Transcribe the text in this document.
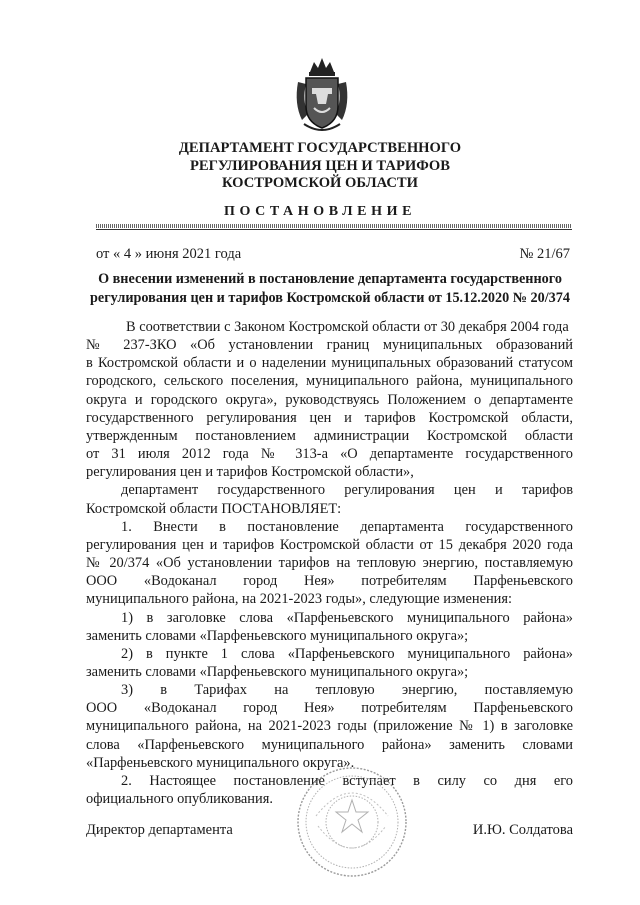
ДЕПАРТАМЕНТ ГОСУДАРСТВЕННОГО
РЕГУЛИРОВАНИЯ ЦЕН И ТАРИФОВ
КОСТРОМСКОЙ ОБЛАСТИ
ПОСТАНОВЛЕНИЕ
от « 4 » июня 2021 года	№ 21/67
О внесении изменений в постановление департамента государственного
регулирования цен и тарифов Костромской области от 15.12.2020 № 20/374
В соответствии с Законом Костромской области от 30 декабря 2004 года
№ 237-ЗКО «Об установлении границ муниципальных образований
в Костромской области и о наделении муниципальных образований статусом
городского, сельского поселения, муниципального района, муниципального
округа и городского округа», руководствуясь Положением о департаменте
государственного регулирования цен и тарифов Костромской области,
утвержденным постановлением администрации Костромской области
от 31 июля 2012 года № 313-а «О департаменте государственного
регулирования цен и тарифов Костромской области»,
департамент государственного регулирования цен и тарифов
Костромской области ПОСТАНОВЛЯЕТ:
1. Внести в постановление департамента государственного
регулирования цен и тарифов Костромской области от 15 декабря 2020 года
№ 20/374 «Об установлении тарифов на тепловую энергию, поставляемую
ООО «Водоканал город Нея» потребителям Парфеньевского
муниципального района, на 2021-2023 годы», следующие изменения:
1) в заголовке слова «Парфеньевского муниципального района»
заменить словами «Парфеньевского муниципального округа»;
2) в пункте 1 слова «Парфеньевского муниципального района»
заменить словами «Парфеньевского муниципального округа»;
3) в Тарифах на тепловую энергию, поставляемую
ООО «Водоканал город Нея» потребителям Парфеньевского
муниципального района, на 2021-2023 годы (приложение № 1) в заголовке
слова «Парфеньевского муниципального района» заменить словами
«Парфеньевского муниципального округа».
2. Настоящее постановление вступает в силу со дня его
официального опубликования.
Директор департамента	И.Ю. Солдатова
